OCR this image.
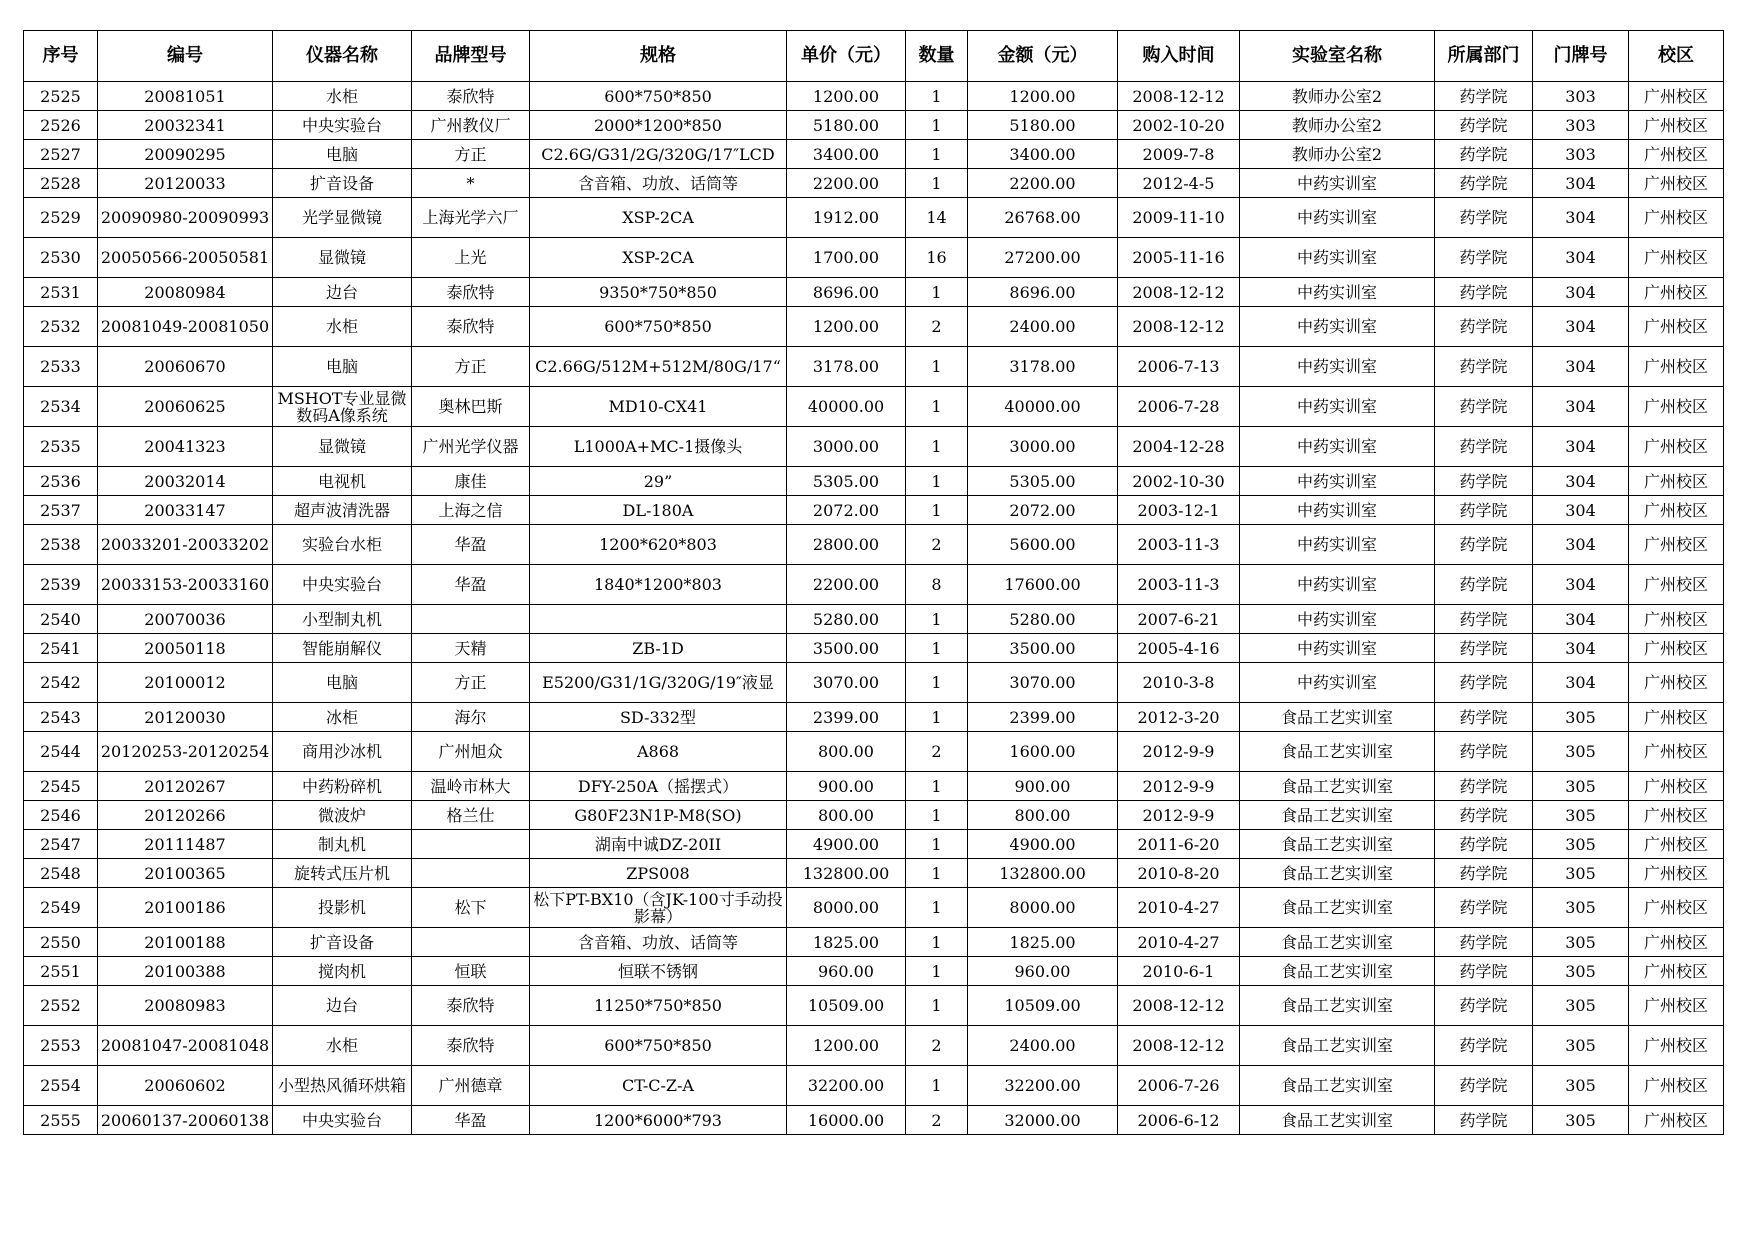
序号	编号	仪器名称	品牌型号	规格	单价（元）	数量	金额（元）	购入时间	实验室名称	所属部门	门牌号	校区

2525	20081051	水柜	泰欣特	600*750*850	1200.00	1	1200.00	2008-12-12	教师办公室2	药学院	303	广州校区

2526	20032341	中央实验台	广州教仪厂	2000*1200*850	5180.00	1	5180.00	2002-10-20	教师办公室2	药学院	303	广州校区

2527	20090295	电脑	方正	C2.6G/G31/2G/320G/17″LCD	3400.00	1	3400.00	2009-7-8	教师办公室2	药学院	303	广州校区

2528	20120033	扩音设备	*	含音箱、功放、话筒等	2200.00	1	2200.00	2012-4-5	中药实训室	药学院	304	广州校区

2529	20090980-20090993	光学显微镜	上海光学六厂	XSP-2CA	1912.00	14	26768.00	2009-11-10	中药实训室	药学院	304	广州校区

2530	20050566-20050581	显微镜	上光	XSP-2CA	1700.00	16	27200.00	2005-11-16	中药实训室	药学院	304	广州校区

2531	20080984	边台	泰欣特	9350*750*850	8696.00	1	8696.00	2008-12-12	中药实训室	药学院	304	广州校区

2532	20081049-20081050	水柜	泰欣特	600*750*850	1200.00	2	2400.00	2008-12-12	中药实训室	药学院	304	广州校区

2533	20060670	电脑	方正	C2.66G/512M+512M/80G/17“	3178.00	1	3178.00	2006-7-13	中药实训室	药学院	304	广州校区

2534	20060625	MSHOT专业显微数码A像系统	奥林巴斯	MD10-CX41	40000.00	1	40000.00	2006-7-28	中药实训室	药学院	304	广州校区

2535	20041323	显微镜	广州光学仪器	L1000A+MC-1摄像头	3000.00	1	3000.00	2004-12-28	中药实训室	药学院	304	广州校区

2536	20032014	电视机	康佳	29”	5305.00	1	5305.00	2002-10-30	中药实训室	药学院	304	广州校区

2537	20033147	超声波清洗器	上海之信	DL-180A	2072.00	1	2072.00	2003-12-1	中药实训室	药学院	304	广州校区

2538	20033201-20033202	实验台水柜	华盈	1200*620*803	2800.00	2	5600.00	2003-11-3	中药实训室	药学院	304	广州校区

2539	20033153-20033160	中央实验台	华盈	1840*1200*803	2200.00	8	17600.00	2003-11-3	中药实训室	药学院	304	广州校区

2540	20070036	小型制丸机			5280.00	1	5280.00	2007-6-21	中药实训室	药学院	304	广州校区

2541	20050118	智能崩解仪	天精	ZB-1D	3500.00	1	3500.00	2005-4-16	中药实训室	药学院	304	广州校区

2542	20100012	电脑	方正	E5200/G31/1G/320G/19″液显	3070.00	1	3070.00	2010-3-8	中药实训室	药学院	304	广州校区

2543	20120030	冰柜	海尔	SD-332型	2399.00	1	2399.00	2012-3-20	食品工艺实训室	药学院	305	广州校区

2544	20120253-20120254	商用沙冰机	广州旭众	A868	800.00	2	1600.00	2012-9-9	食品工艺实训室	药学院	305	广州校区

2545	20120267	中药粉碎机	温岭市林大	DFY-250A（摇摆式）	900.00	1	900.00	2012-9-9	食品工艺实训室	药学院	305	广州校区

2546	20120266	微波炉	格兰仕	G80F23N1P-M8(SO)	800.00	1	800.00	2012-9-9	食品工艺实训室	药学院	305	广州校区

2547	20111487	制丸机		湖南中诚DZ-20II	4900.00	1	4900.00	2011-6-20	食品工艺实训室	药学院	305	广州校区

2548	20100365	旋转式压片机		ZPS008	132800.00	1	132800.00	2010-8-20	食品工艺实训室	药学院	305	广州校区

2549	20100186	投影机	松下	松下PT-BX10（含JK-100寸手动投影幕）	8000.00	1	8000.00	2010-4-27	食品工艺实训室	药学院	305	广州校区

2550	20100188	扩音设备		含音箱、功放、话筒等	1825.00	1	1825.00	2010-4-27	食品工艺实训室	药学院	305	广州校区

2551	20100388	搅肉机	恒联	恒联不锈钢	960.00	1	960.00	2010-6-1	食品工艺实训室	药学院	305	广州校区

2552	20080983	边台	泰欣特	11250*750*850	10509.00	1	10509.00	2008-12-12	食品工艺实训室	药学院	305	广州校区

2553	20081047-20081048	水柜	泰欣特	600*750*850	1200.00	2	2400.00	2008-12-12	食品工艺实训室	药学院	305	广州校区

2554	20060602	小型热风循环烘箱	广州德章	CT-C-Z-A	32200.00	1	32200.00	2006-7-26	食品工艺实训室	药学院	305	广州校区

2555	20060137-20060138	中央实验台	华盈	1200*6000*793	16000.00	2	32000.00	2006-6-12	食品工艺实训室	药学院	305	广州校区
